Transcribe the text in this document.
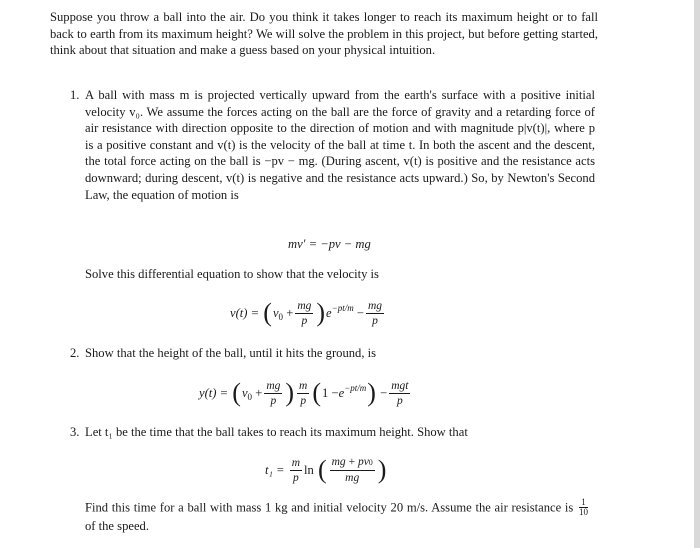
Suppose you throw a ball into the air. Do you think it takes longer to reach its maximum height or to fall back to earth from its maximum height? We will solve the problem in this project, but before getting started, think about that situation and make a guess based on your physical intuition.
1. A ball with mass m is projected vertically upward from the earth's surface with a positive initial velocity v₀. We assume the forces acting on the ball are the force of gravity and a retarding force of air resistance with direction opposite to the direction of motion and with magnitude p|v(t)|, where p is a positive constant and v(t) is the velocity of the ball at time t. In both the ascent and the descent, the total force acting on the ball is −pv − mg. (During ascent, v(t) is positive and the resistance acts downward; during descent, v(t) is negative and the resistance acts upward.) So, by Newton's Second Law, the equation of motion is
mv′ = −pv − mg
Solve this differential equation to show that the velocity is
v(t) =
( v $0 + \frac{mg}{p}$ ) e $^{-pt/m} - \frac{mg}{p}$
2. Show that the height of the ball, until it hits the ground, is
y(t) =
( v $0 + \frac{mg}{p}$ ) $\frac{m}{p}$ ( 1 − e $^{-pt/m}$ ) − $\frac{\text{mgt}}{p}$
3. Let t₁ be the time that the ball takes to reach its maximum height. Show that
t₁ =
$\frac{m}{p}$ ln ( $\frac{mg + pv0}{mg}$ )
Find this time for a ball with mass 1 kg and initial velocity 20 m/s. Assume the air resistance is $\frac{1}{10}$
of the speed.
